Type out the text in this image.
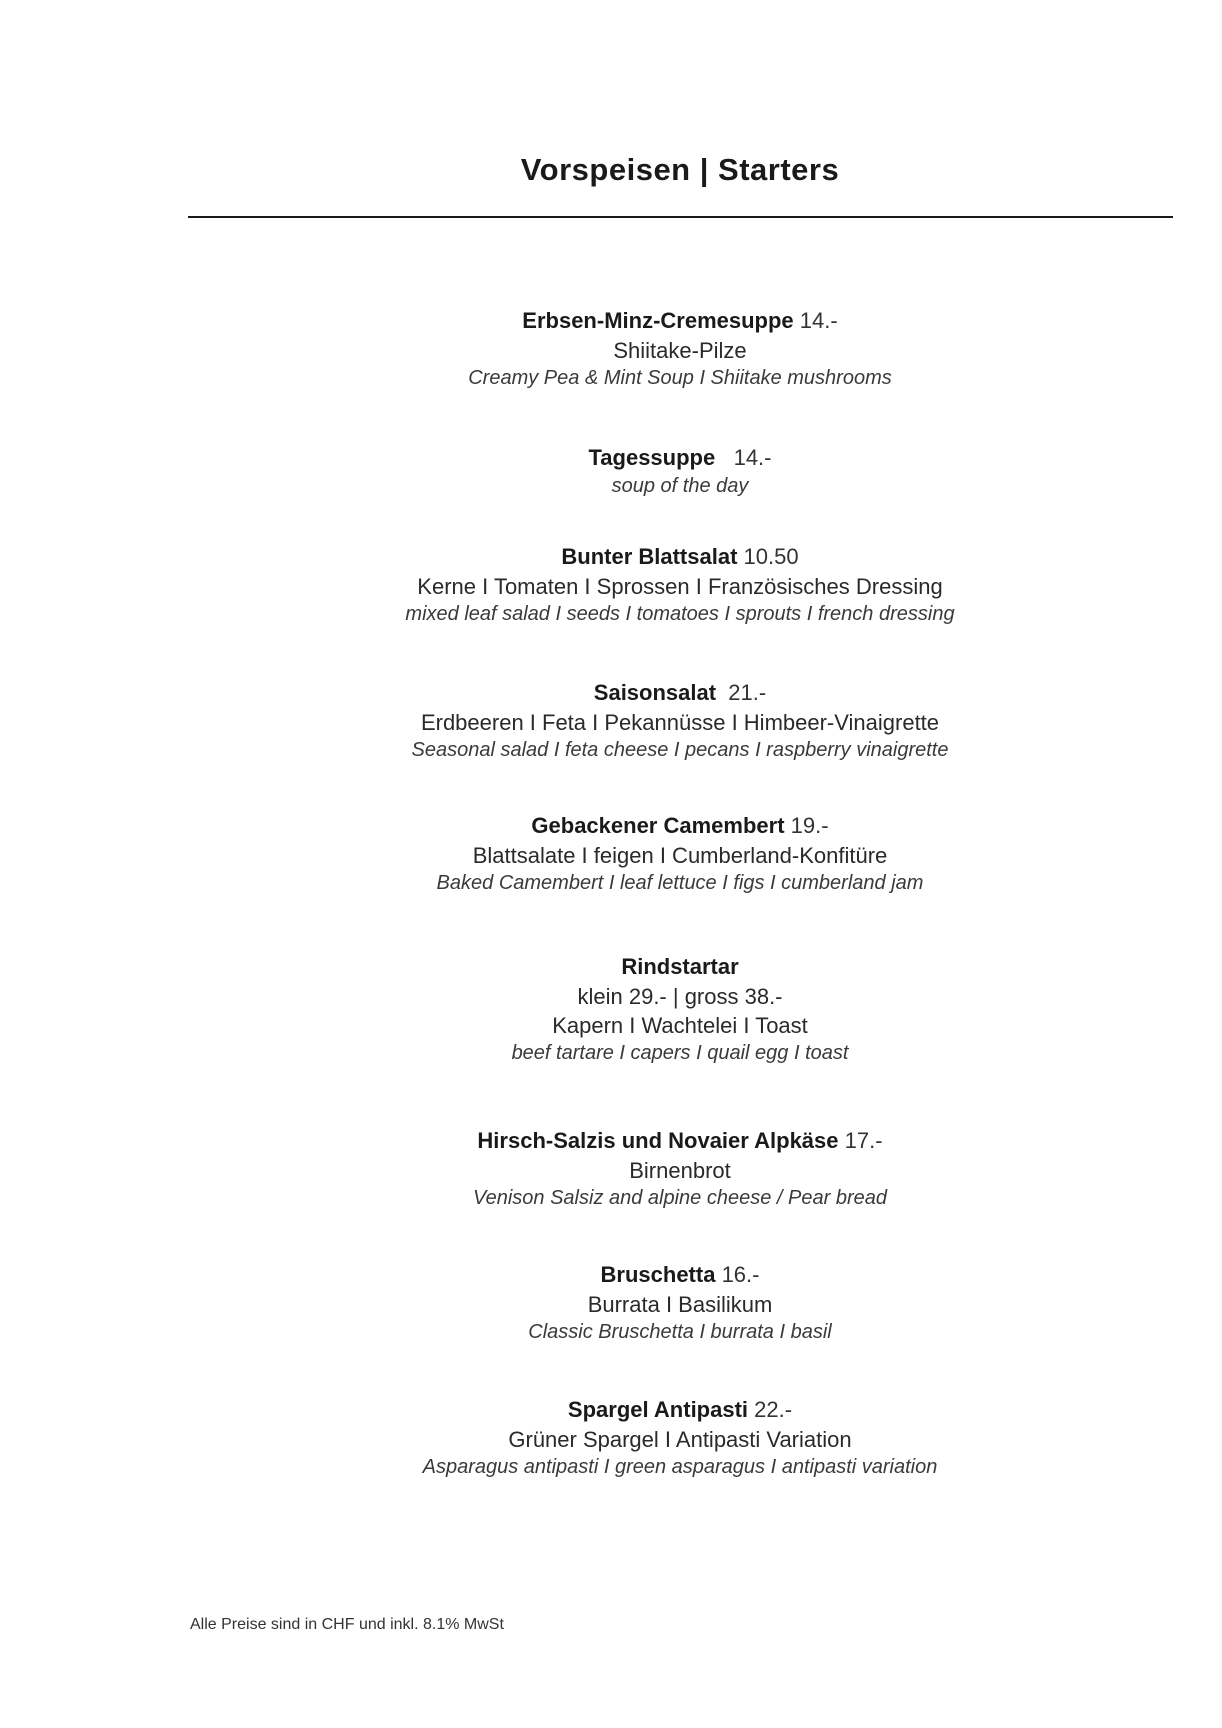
Vorspeisen | Starters
Erbsen-Minz-Cremesuppe 14.-
Shiitake-Pilze
Creamy Pea & Mint Soup I Shiitake mushrooms
Tagessuppe 14.-
soup of the day
Bunter Blattsalat 10.50
Kerne I Tomaten I Sprossen I Französisches Dressing
mixed leaf salad I seeds I tomatoes I sprouts I french dressing
Saisonsalat 21.-
Erdbeeren I Feta I Pekannüsse I Himbeer-Vinaigrette
Seasonal salad I feta cheese I pecans I raspberry vinaigrette
Gebackener Camembert 19.-
Blattsalate I feigen I Cumberland-Konfitüre
Baked Camembert I leaf lettuce I figs I cumberland jam
Rindstartar
klein 29.- | gross 38.-
Kapern I Wachtelei I Toast
beef tartare I capers I quail egg I toast
Hirsch-Salzis und Novaier Alpkäse 17.-
Birnenbrot
Venison Salsiz and alpine cheese / Pear bread
Bruschetta 16.-
Burrata I Basilikum
Classic Bruschetta I burrata I basil
Spargel Antipasti 22.-
Grüner Spargel I Antipasti Variation
Asparagus antipasti I green asparagus I antipasti variation
Alle Preise sind in CHF und inkl. 8.1% MwSt
